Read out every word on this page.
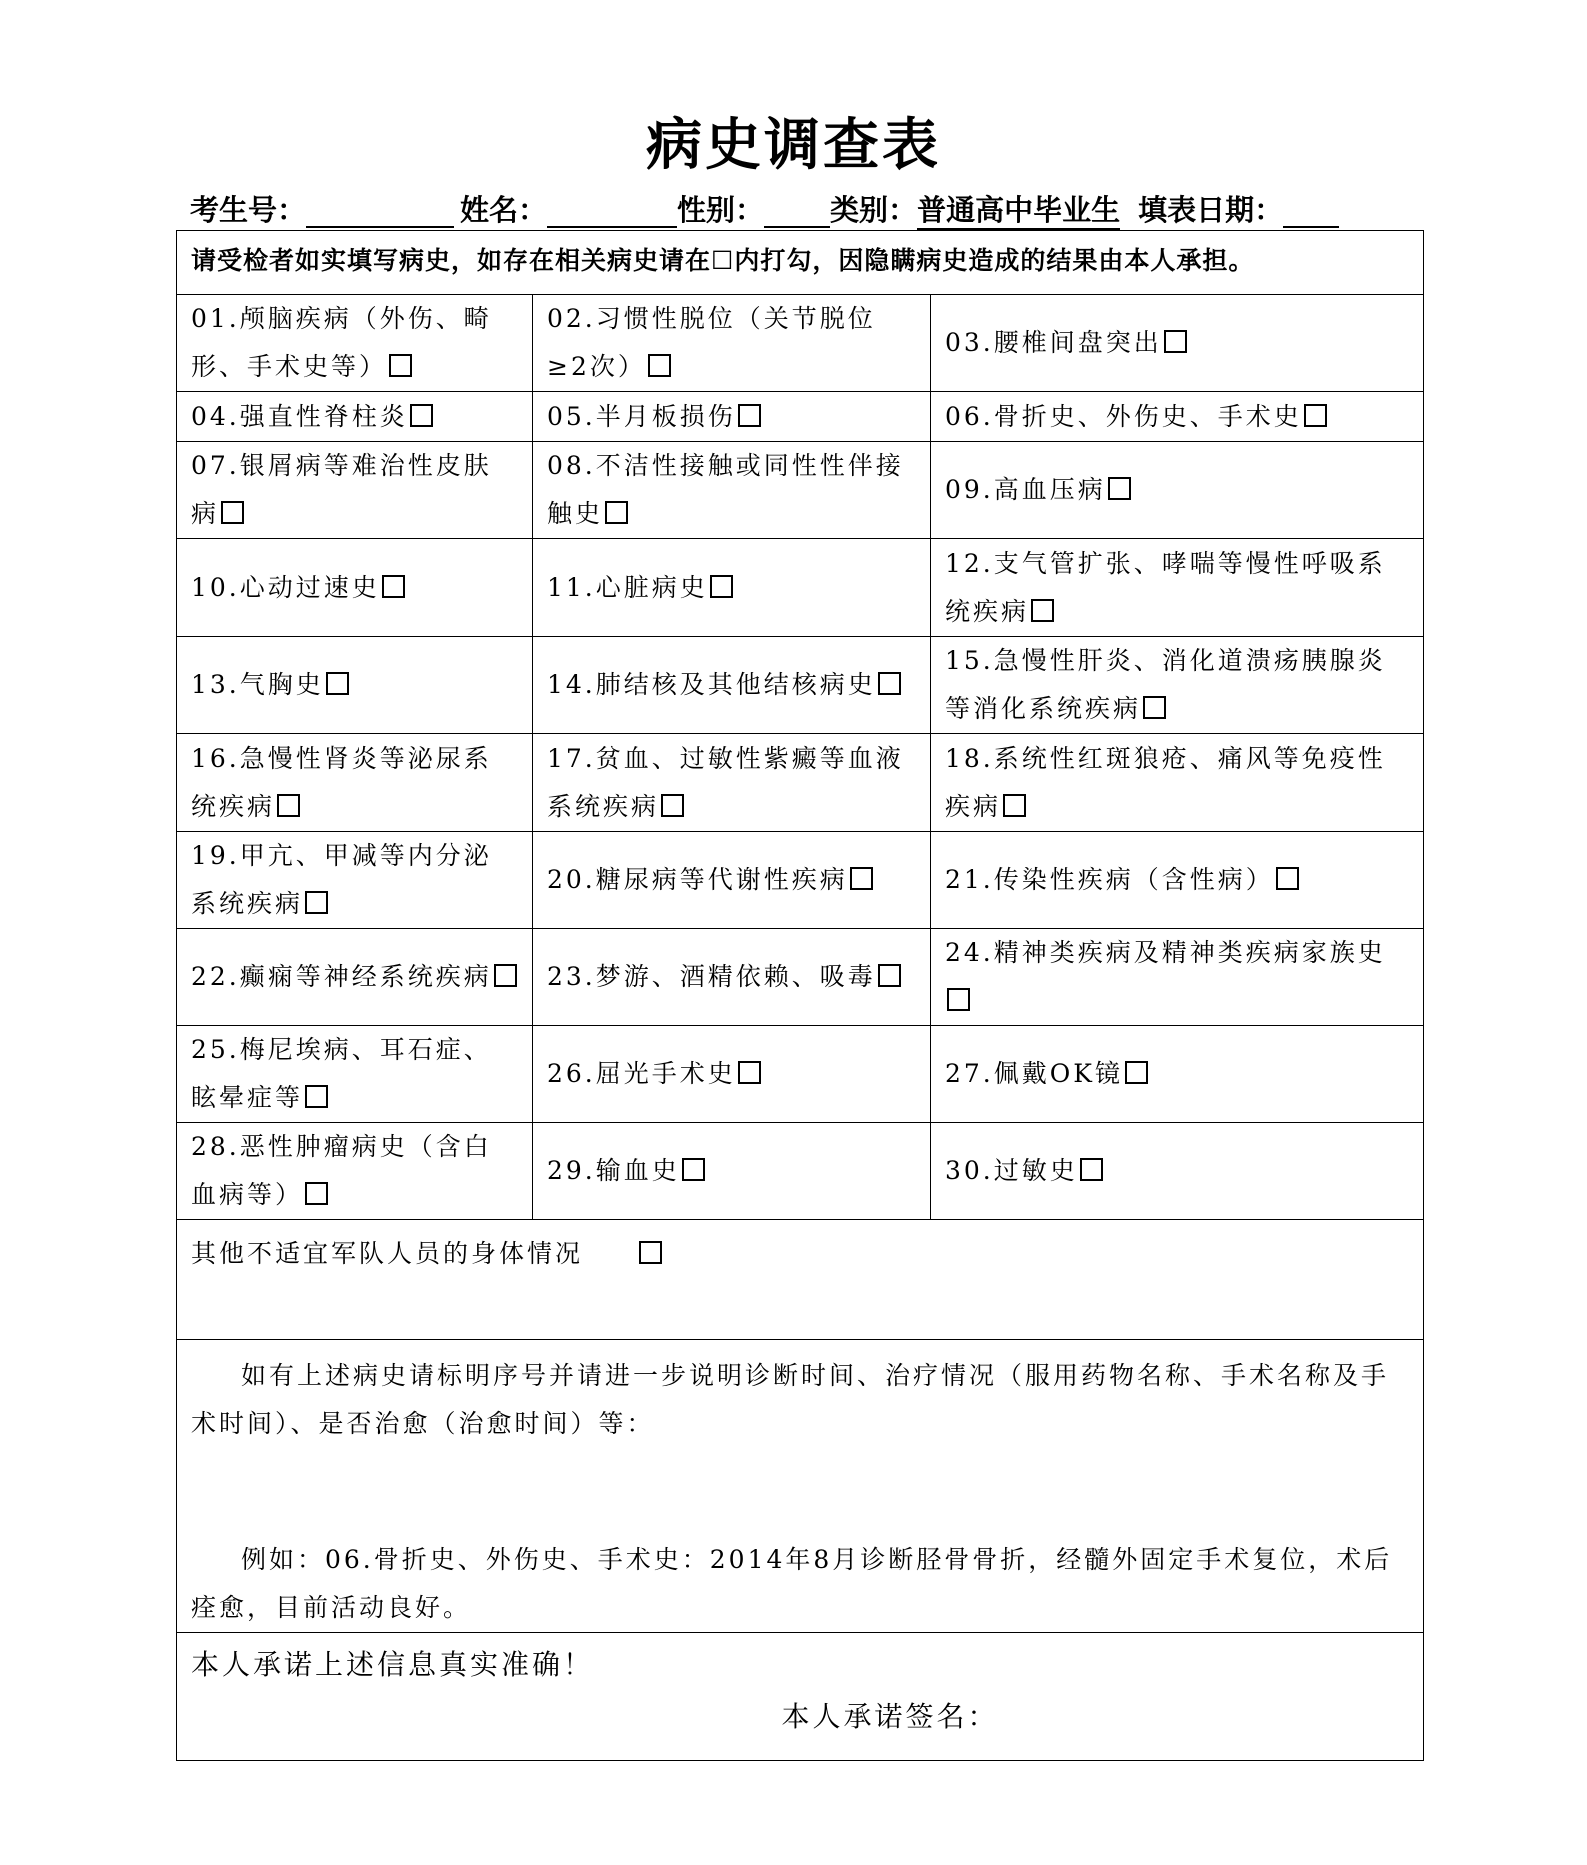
病史调查表
考生号：	姓名：	性别： 类别：普通高中毕业生 填表日期：
请受检者如实填写病史，如存在相关病史请在☐内打勾，因隐瞒病史造成的结果由本人承担。		
01.颅脑疾病（外伤、畸形、手术史等）	02.习惯性脱位（关节脱位≥2次）	03.腰椎间盘突出
04.强直性脊柱炎	05.半月板损伤	06.骨折史、外伤史、手术史
07.银屑病等难治性皮肤病	08.不洁性接触或同性性伴接触史	09.高血压病
10.心动过速史	11.心脏病史	12.支气管扩张、哮喘等慢性呼吸系统疾病
13.气胸史	14.肺结核及其他结核病史	15.急慢性肝炎、消化道溃疡胰腺炎等消化系统疾病
16.急慢性肾炎等泌尿系统疾病	17.贫血、过敏性紫癜等血液系统疾病	18.系统性红斑狼疮、痛风等免疫性疾病
19.甲亢、甲减等内分泌系统疾病	20.糖尿病等代谢性疾病	21.传染性疾病（含性病）
22.癫痫等神经系统疾病	23.梦游、酒精依赖、吸毒	24.精神类疾病及精神类疾病家族史
25.梅尼埃病、耳石症、眩晕症等	26.屈光手术史	27.佩戴OK镜
28.恶性肿瘤病史（含白血病等）	29.输血史	30.过敏史
其他不适宜军队人员的身体情况		

如有上述病史请标明序号并请进一步说明诊断时间、治疗情况（服用药物名称、手术名称及手术时间）、是否治愈（治愈时间）等：
例如：06.骨折史、外伤史、手术史：2014年8月诊断胫骨骨折，经髓外固定手术复位，术后痊愈，目前活动良好。		

本人承诺上述信息真实准确！
本人承诺签名：		
